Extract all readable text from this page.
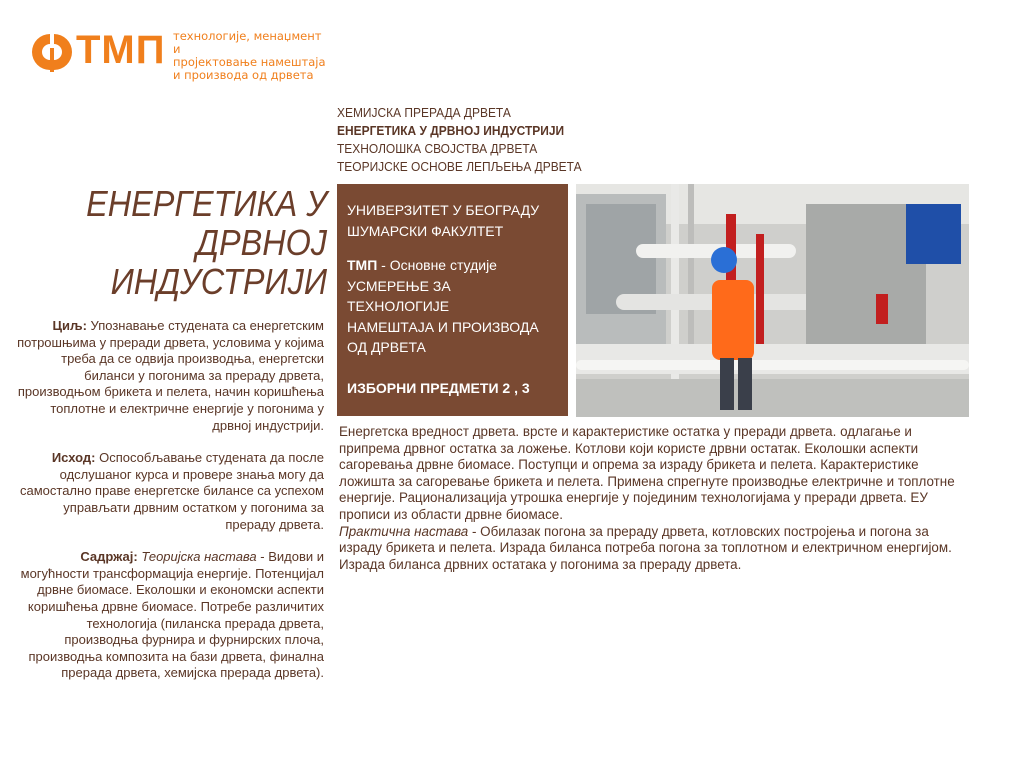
ТМП технологије, менаџмент и
пројектовање намештаја
и производа од дрвета
ХЕМИЈСКА ПРЕРАДА ДРВЕТА
ЕНЕРГЕТИКА У ДРВНОЈ ИНДУСТРИЈИ
ТЕХНОЛОШКА СВОЈСТВА ДРВЕТА
ТЕОРИЈСКЕ ОСНОВЕ ЛЕПЉЕЊА ДРВЕТА
ЕНЕРГЕТИКА У
ДРВНОЈ
ИНДУСТРИЈИ

Циљ: Упознавање студената са енергетским потрошњима у преради дрвета, условима у којима треба да се одвија производња, енергетски биланси у погонима за прераду дрвета, производњом брикета и пелета, начин коришћења топлотне и електричне енергије у погонима у дрвној индустрији.

Исход: Оспособљавање студената да после одслушаног курса и провере знања могу да самостално праве енергетске билансе са успехом управљати дрвним остатком у погонима за прераду дрвета.

Садржај: Теоријска настава - Видови и могућности трансформација енергије. Потенцијал дрвне биомасе. Еколошки и економски аспекти коришћења дрвне биомасе. Потребе различитих технологија (пиланска прерада дрвета, производња фурнира и фурнирских плоча, производња композита на бази дрвета, финална прерада дрвета, хемијска прерада дрвета).

УНИВЕРЗИТЕТ У БЕОГРАДУ
ШУМАРСКИ ФАКУЛТЕТ
ТМП - Основне студије
УСМЕРЕЊЕ ЗА
ТЕХНОЛОГИЈЕ
НАМЕШТАЈА И ПРОИЗВОДА
ОД ДРВЕТА
ИЗБОРНИ ПРЕДМЕТИ 2 , 3

Енергетска вредност дрвета. врсте и карактеристике остатка у преради дрвета. одлагање и припрема дрвног остатка за ложење. Котлови који користе дрвни остатак. Еколошки аспекти сагоревања дрвне биомасе. Поступци и опрема за израду брикета и пелета. Карактеристике ложишта за сагоревање брикета и пелета. Примена спрегнуте производње електричне и топлотне енергије. Рационализација утрошка енергије у појединим технологијама у преради дрвета. ЕУ прописи из области дрвне биомасе.

Практична настава - Обилазак погона за прераду дрвета, котловских постројења и погона за израду брикета и пелета. Израда биланса потреба погона за топлотном и електричном енергијом. Израда биланса дрвних остатака у погонима за прераду дрвета.
